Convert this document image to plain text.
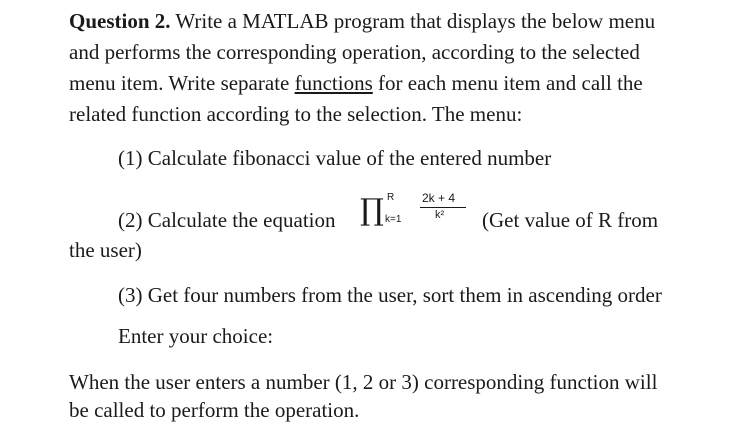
Question 2. Write a MATLAB program that displays the below menu
and performs the corresponding operation, according to the selected
menu item. Write separate functions for each menu item and call the
related function according to the selection. The menu:
(1) Calculate fibonacci value of the entered number
(2) Calculate the equation ∏ R
k=1
2k + 4
k² (Get value of R from
the user)
(3) Get four numbers from the user, sort them in ascending order
Enter your choice:
When the user enters a number (1, 2 or 3) corresponding function will
be called to perform the operation.
